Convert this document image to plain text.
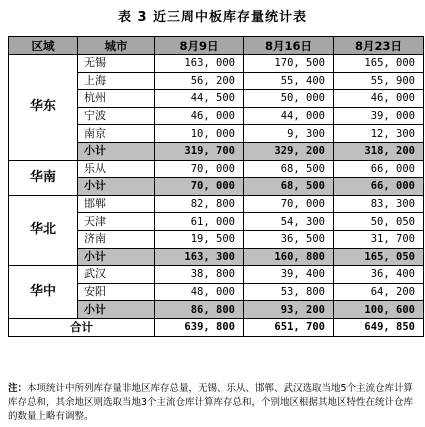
表 3 近三周中板库存量统计表
区域	城市	8月9日	8月16日	8月23日
华东	无锡	163, 000	170, 500	165, 000
	上海	56, 200	55, 400	55, 900
	杭州	44, 500	50, 000	46, 000
	宁波	46, 000	44, 000	39, 000
	南京	10, 000	9, 300	12, 300
	小计	319, 700	329, 200	318, 200
华南	乐从	70, 000	68, 500	66, 000
	小计	70, 000	68, 500	66, 000
华北	邯郸	82, 800	70, 000	83, 300
	天津	61, 000	54, 300	50, 050
	济南	19, 500	36, 500	31, 700
	小计	163, 300	160, 800	165, 050
华中	武汉	38, 800	39, 400	36, 400
	安阳	48, 000	53, 800	64, 200
	小计	86, 800	93, 200	100, 600
合计		639, 800	651, 700	649, 850
注：本项统计中所列库存量非地区库存总量，无锡、乐从、邯郸、武汉选取当地5个主流仓库计算库存总和，其余地区则选取当地3个主流仓库计算库存总和，个别地区根据其地区特性在统计仓库的数量上略有调整。
